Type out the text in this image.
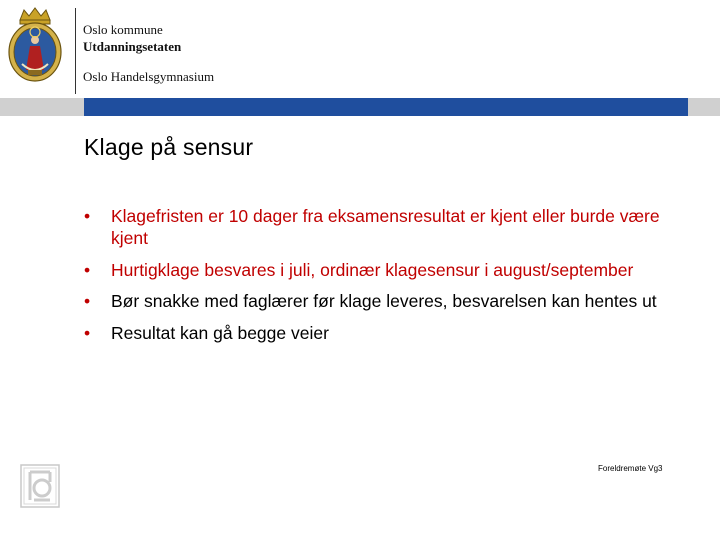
Oslo kommune
Utdanningsetaten
Oslo Handelsgymnasium
Klage på sensur
• Klagefristen er 10 dager fra eksamensresultat er kjent eller burde være kjent
• Hurtigklage besvares i juli, ordinær klagesensur i august/september
• Bør snakke med faglærer før klage leveres, besvarelsen kan hentes ut
• Resultat kan gå begge veier
Foreldremøte Vg3
